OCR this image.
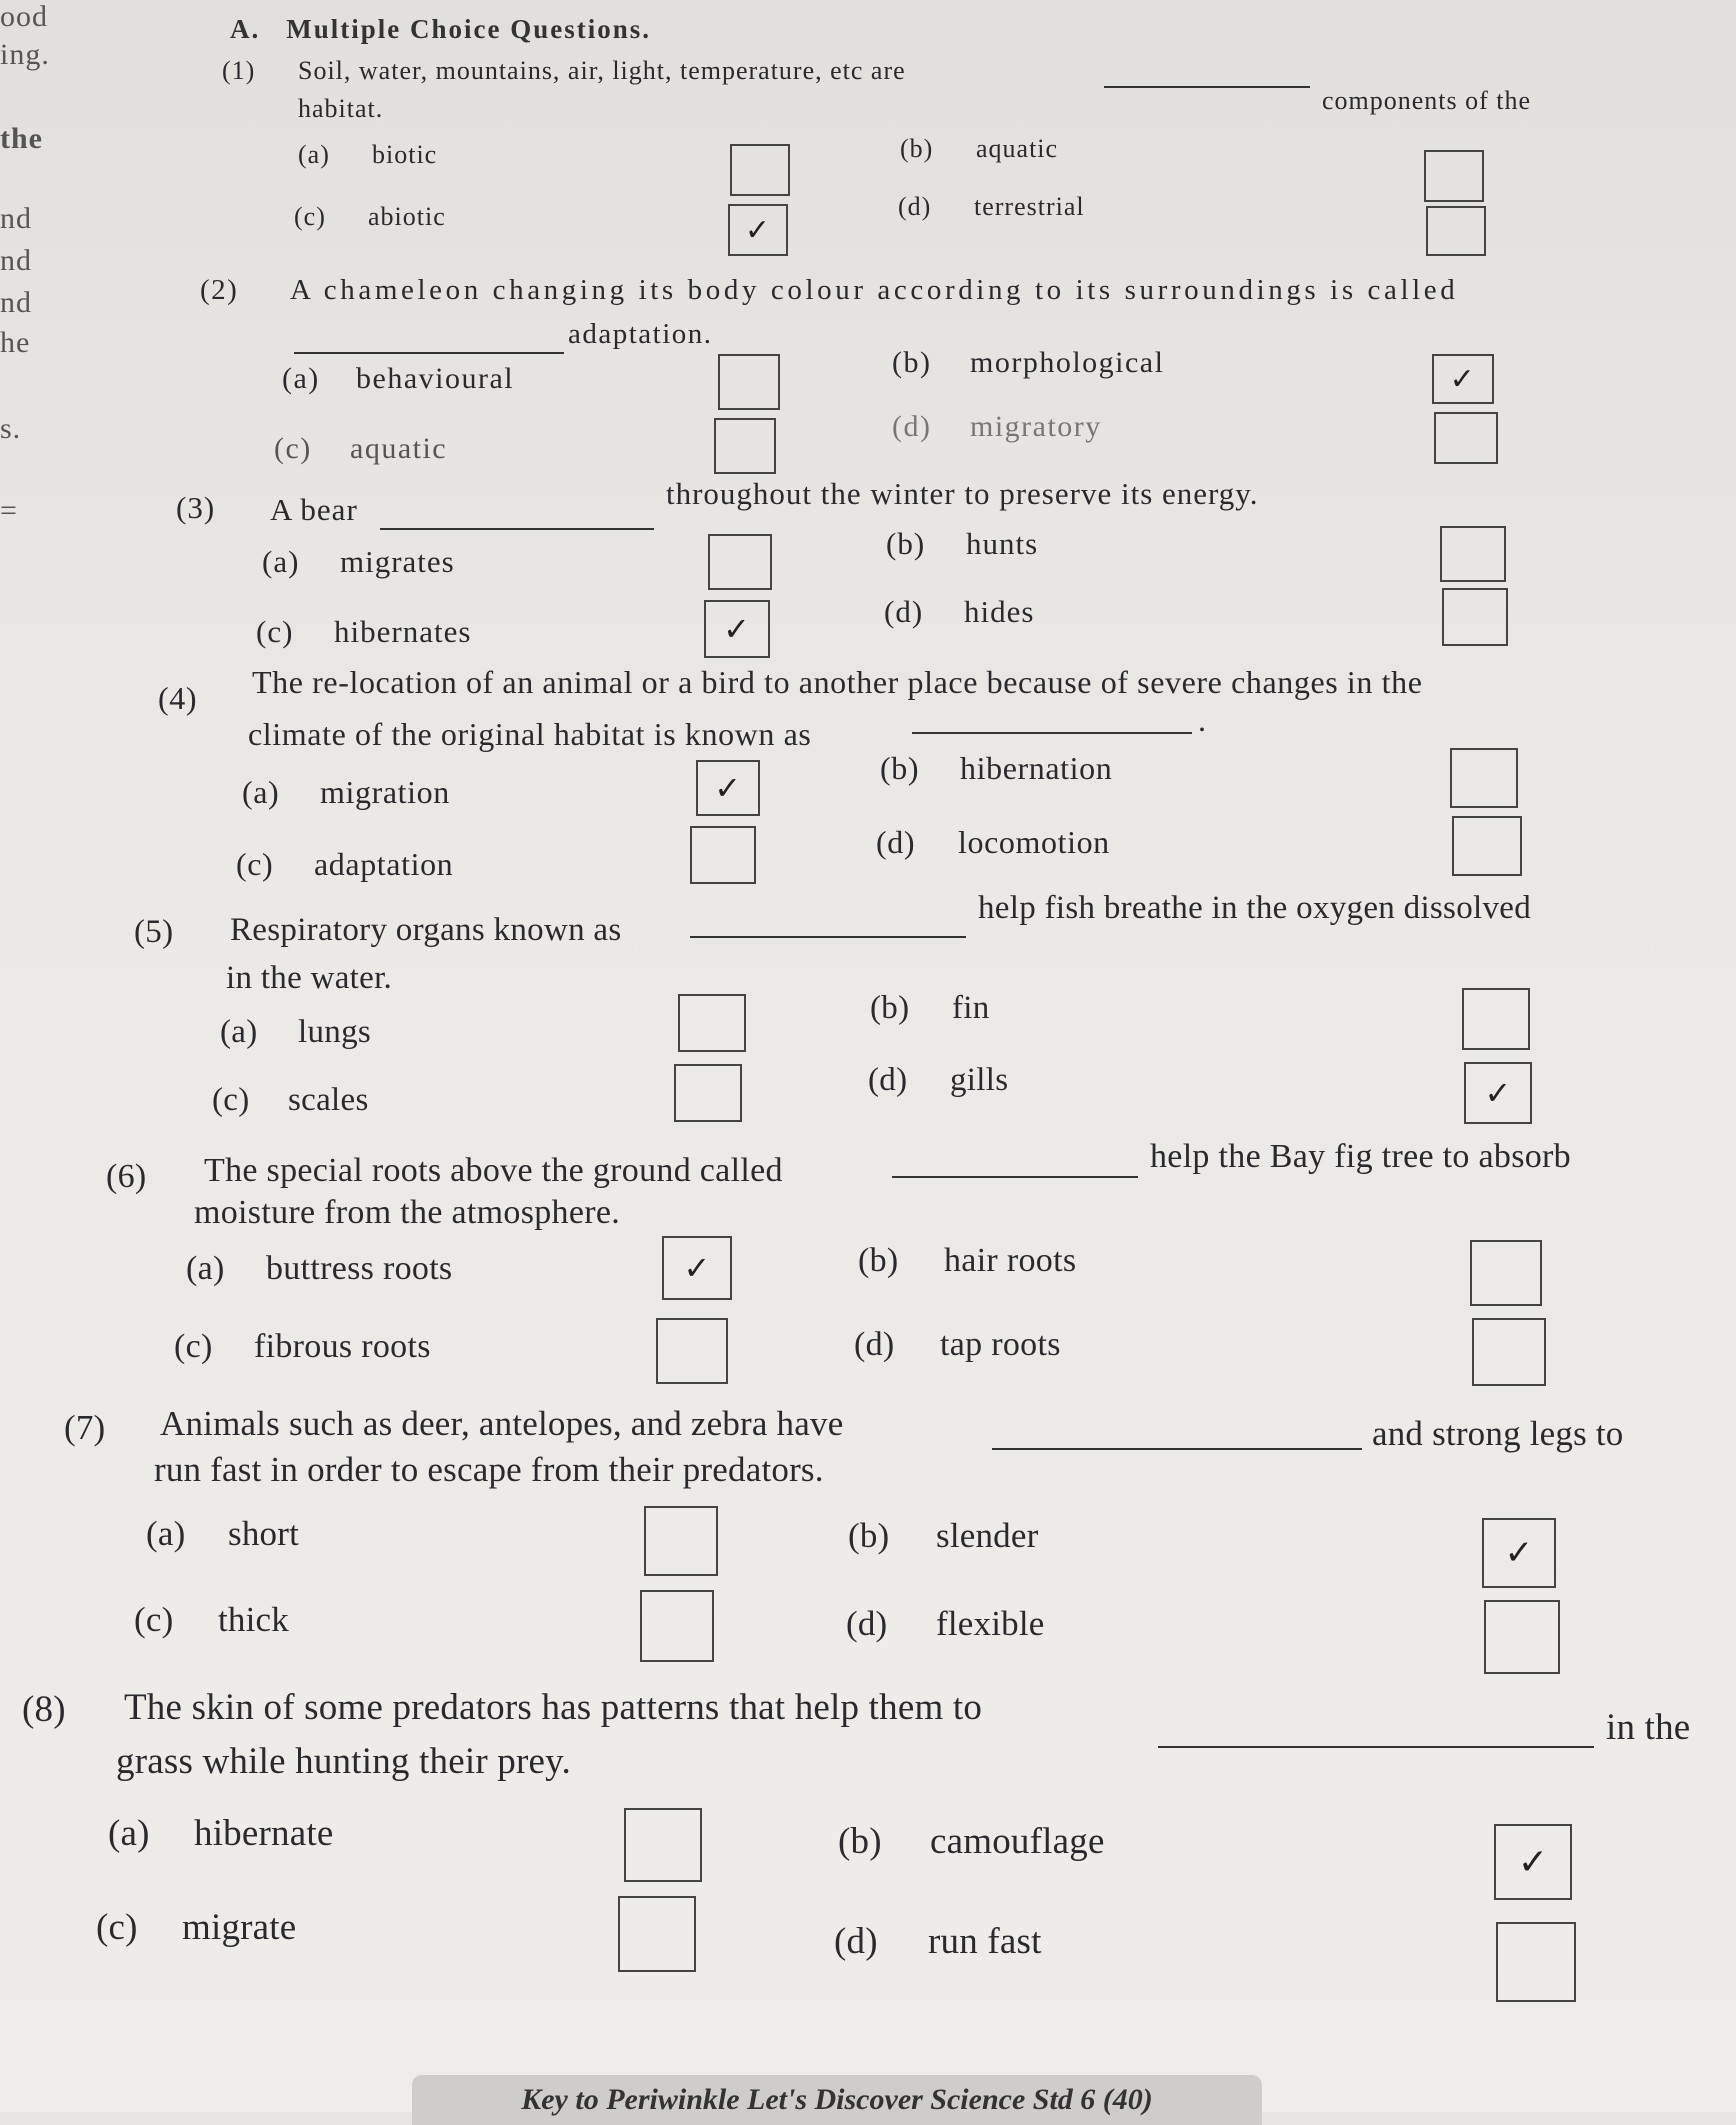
ood
ing.
the
nd
nd
nd
he
s.
=
A. Multiple Choice Questions.
(1) Soil, water, mountains, air, light, temperature, etc are
components of the
habitat.
(a) biotic	(b) aquatic
(c) abiotic	✓
(d) terrestrial
(2) A chameleon changing its body colour according to its surroundings is called
adaptation.
(a) behavioural	(b) morphological	✓
(c) aquatic
(d) migratory
(3) A bear	throughout the winter to preserve its energy.
(a) migrates
(b) hunts
(c) hibernates	✓	(d) hides
(4) The re-location of an animal or a bird to another place because of severe changes in the
climate of the original habitat is known as	.
(a) migration	✓
(b) hibernation
(c) adaptation
(d) locomotion
(5) Respiratory organs known as
help fish breathe in the oxygen dissolved
in the water.
(a) lungs
(b) fin
(c) scales
(d) gills	✓
(6) The special roots above the ground called	help the Bay fig tree to absorb
moisture from the atmosphere.
(a) buttress roots	✓	(b) hair roots
(c) fibrous roots	(d) tap roots
(7) Animals such as deer, antelopes, and zebra have	and strong legs to
run fast in order to escape from their predators.
(a) short	(b) slender	✓
(c) thick	(d) flexible
(8) The skin of some predators has patterns that help them to	in the
grass while hunting their prey.
(a) hibernate	(b) camouflage	✓
(c) migrate	(d) run fast
Key to Periwinkle Let's Discover Science Std 6 (40)
